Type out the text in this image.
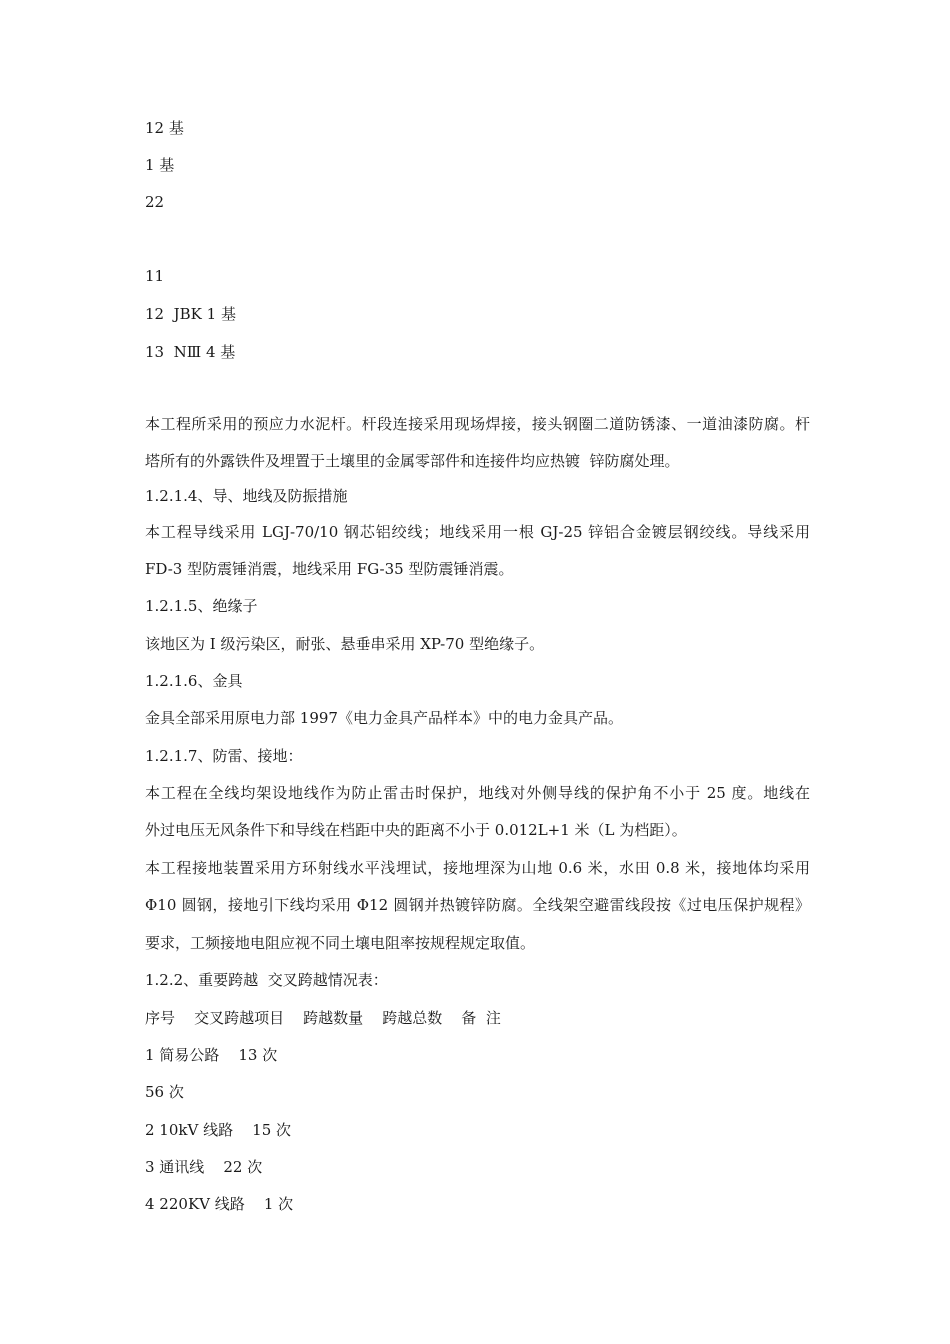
12 基

1 基

22

11

12  JBK 1 基

13  NⅢ 4 基

本工程所采用的预应力水泥杆。杆段连接采用现场焊接，接头钢圈二道防锈漆、一道油漆防腐。杆

塔所有的外露铁件及埋置于土壤里的金属零部件和连接件均应热镀  锌防腐处理。

1.2.1.4、导、地线及防振措施

本工程导线采用 LGJ-70/10 钢芯铝绞线；地线采用一根 GJ-25 锌铝合金镀层钢绞线。导线采用

FD-3 型防震锤消震，地线采用 FG-35 型防震锤消震。

1.2.1.5、绝缘子

该地区为 I 级污染区，耐张、悬垂串采用 XP-70 型绝缘子。

1.2.1.6、金具

金具全部采用原电力部 1997《电力金具产品样本》中的电力金具产品。

1.2.1.7、防雷、接地：

本工程在全线均架设地线作为防止雷击时保护，地线对外侧导线的保护角不小于 25 度。地线在

外过电压无风条件下和导线在档距中央的距离不小于 0.012L+1 米（L 为档距）。

本工程接地装置采用方环射线水平浅埋试，接地埋深为山地 0.6 米，水田 0.8 米，接地体均采用

Φ10 圆钢，接地引下线均采用 Φ12 圆钢并热镀锌防腐。全线架空避雷线段按《过电压保护规程》

要求，工频接地电阻应视不同土壤电阻率按规程规定取值。

1.2.2、重要跨越  交叉跨越情况表：

序号    交叉跨越项目    跨越数量    跨越总数    备  注

1 简易公路    13 次

56 次

2 10kV 线路    15 次

3 通讯线    22 次

4 220KV 线路    1 次
